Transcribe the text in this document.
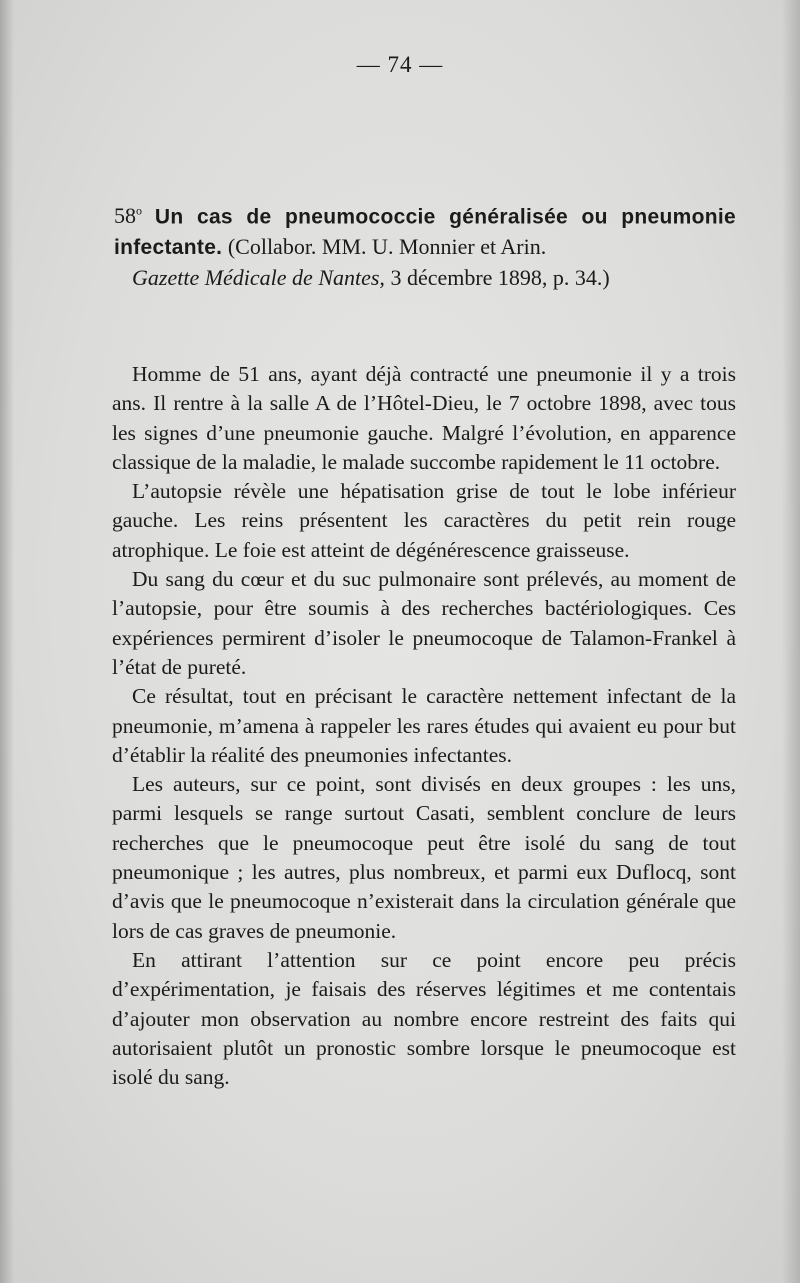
— 74 —
58$^o$ Un cas de pneumococcie généralisée ou pneumonie infectante. (Collabor. MM. U. Monnier et Arin.
Gazette Médicale de Nantes, 3 décembre 1898, p. 34.)

Homme de 51 ans, ayant déjà contracté une pneumonie il y a trois ans. Il rentre à la salle A de l’Hôtel-Dieu, le 7 octobre 1898, avec tous les signes d’une pneumonie gauche. Malgré l’évolution, en apparence classique de la maladie, le malade succombe rapidement le 11 octobre.

L’autopsie révèle une hépatisation grise de tout le lobe inférieur gauche. Les reins présentent les caractères du petit rein rouge atrophique. Le foie est atteint de dégénérescence graisseuse.

Du sang du cœur et du suc pulmonaire sont prélevés, au moment de l’autopsie, pour être soumis à des recherches bactériologiques. Ces expériences permirent d’isoler le pneumocoque de Talamon-Frankel à l’état de pureté.

Ce résultat, tout en précisant le caractère nettement infectant de la pneumonie, m’amena à rappeler les rares études qui avaient eu pour but d’établir la réalité des pneumonies infectantes.

Les auteurs, sur ce point, sont divisés en deux groupes : les uns, parmi lesquels se range surtout Casati, semblent conclure de leurs recherches que le pneumocoque peut être isolé du sang de tout pneumonique ; les autres, plus nombreux, et parmi eux Duflocq, sont d’avis que le pneumocoque n’existerait dans la circulation générale que lors de cas graves de pneumonie.

En attirant l’attention sur ce point encore peu précis d’expérimentation, je faisais des réserves légitimes et me contentais d’ajouter mon observation au nombre encore restreint des faits qui autorisaient plutôt un pronostic sombre lorsque le pneumocoque est isolé du sang.
